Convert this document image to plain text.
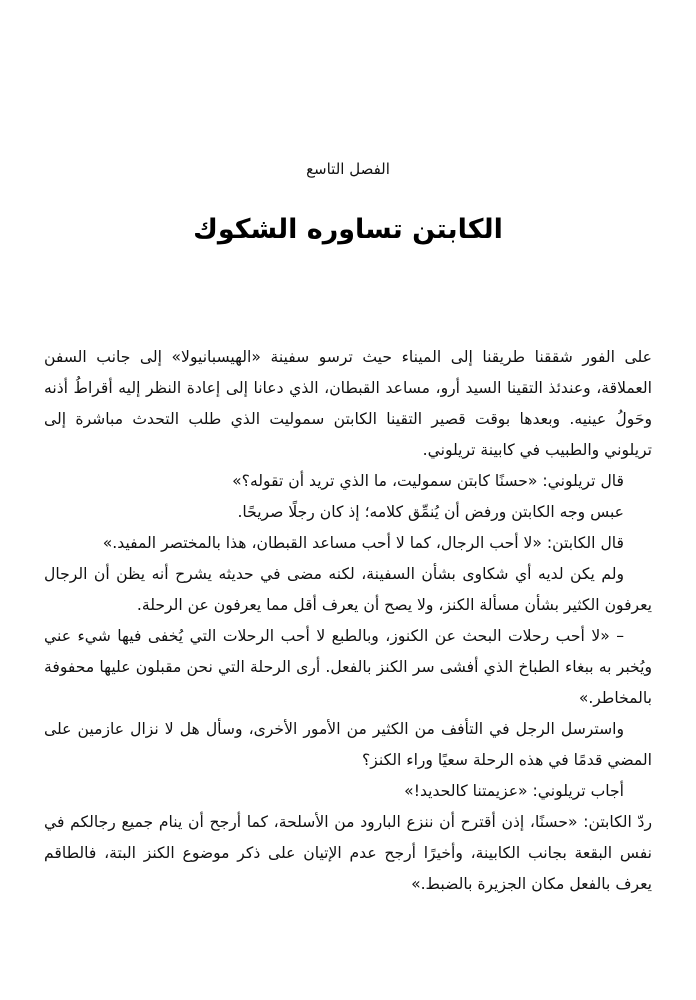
الفصل التاسع
الكابتن تساوره الشكوك

على الفور شققنا طريقنا إلى الميناء حيث ترسو سفينة «الهيسبانيولا» إلى جانب السفن العملاقة، وعندئذ التقينا السيد أرو، مساعد القبطان، الذي دعانا إلى إعادة النظر إليه أقراطُ أذنه وحَولُ عينيه. وبعدها بوقت قصير التقينا الكابتن سموليت الذي طلب التحدث مباشرة إلى تريلوني والطبيب في كابينة تريلوني.

قال تريلوني: «حسنًا كابتن سموليت، ما الذي تريد أن تقوله؟»

عبس وجه الكابتن ورفض أن يُنمِّق كلامه؛ إذ كان رجلًا صريحًا.

قال الكابتن: «لا أحب الرجال، كما لا أحب مساعد القبطان، هذا بالمختصر المفيد.»

ولم يكن لديه أي شكاوى بشأن السفينة، لكنه مضى في حديثه يشرح أنه يظن أن الرجال يعرفون الكثير بشأن مسألة الكنز، ولا يصح أن يعرف أقل مما يعرفون عن الرحلة.

– «لا أحب رحلات البحث عن الكنوز، وبالطبع لا أحب الرحلات التي يُخفى فيها شيء عني ويُخبر به ببغاء الطباخ الذي أفشى سر الكنز بالفعل. أرى الرحلة التي نحن مقبلون عليها محفوفة بالمخاطر.»

واسترسل الرجل في التأفف من الكثير من الأمور الأخرى، وسأل هل لا نزال عازمين على المضي قدمًا في هذه الرحلة سعيًا وراء الكنز؟

أجاب تريلوني: «عزيمتنا كالحديد!»

ردّ الكابتن: «حسنًا، إذن أقترح أن ننزع البارود من الأسلحة، كما أرجح أن ينام جميع رجالكم في نفس البقعة بجانب الكابينة، وأخيرًا أرجح عدم الإتيان على ذكر موضوع الكنز البتة، فالطاقم يعرف بالفعل مكان الجزيرة بالضبط.»
